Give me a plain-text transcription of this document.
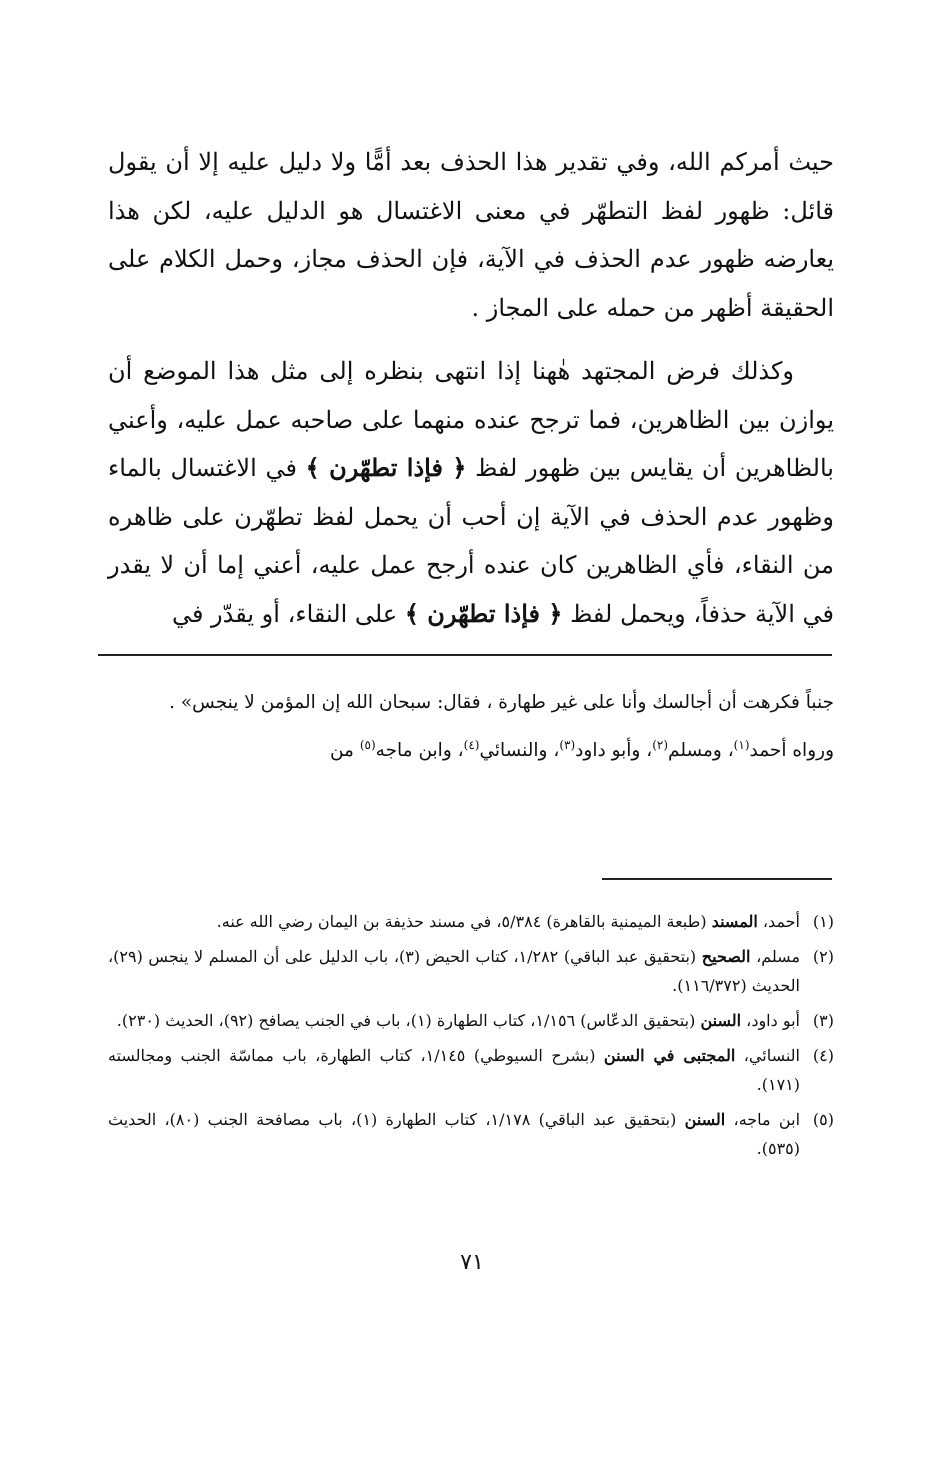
حيث أمركم الله، وفي تقدير هذا الحذف بعد أمًّا ولا دليل عليه إلا أن يقول قائل: ظهور لفظ التطهّر في معنى الاغتسال هو الدليل عليه، لكن هذا يعارضه ظهور عدم الحذف في الآية، فإن الحذف مجاز، وحمل الكلام على الحقيقة أظهر من حمله على المجاز .

وكذلك فرض المجتهد هٰهنا إذا انتهى بنظره إلى مثل هذا الموضع أن يوازن بين الظاهرين، فما ترجح عنده منهما على صاحبه عمل عليه، وأعني بالظاهرين أن يقايس بين ظهور لفظ ﴿ فإذا تطهّرن ﴾ في الاغتسال بالماء وظهور عدم الحذف في الآية إن أحب أن يحمل لفظ تطهّرن على ظاهره من النقاء، فأي الظاهرين كان عنده أرجح عمل عليه، أعني إما أن لا يقدر في الآية حذفاً، ويحمل لفظ ﴿ فإذا تطهّرن ﴾ على النقاء، أو يقدّر في

جنباً فكرهت أن أجالسك وأنا على غير طهارة ، فقال: سبحان الله إن المؤمن لا ينجس» .

ورواه أحمد$^{(١)}$، ومسلم$^{(٢)}$، وأبو داود$^{(٣)}$، والنسائي$^{(٤)}$، وابن ماجه$^{(٥)}$ من

(١)
أحمد، المسند (طبعة الميمنية بالقاهرة) ٥/٣٨٤، في مسند حذيفة بن اليمان رضي الله عنه.
(٢)
مسلم، الصحيح (بتحقيق عبد الباقي) ١/٢٨٢، كتاب الحيض (٣)، باب الدليل على أن المسلم لا ينجس (٢٩)، الحديث (١١٦/٣٧٢).
(٣)
أبو داود، السنن (بتحقيق الدعّاس) ١/١٥٦، كتاب الطهارة (١)، باب في الجنب يصافح (٩٢)، الحديث (٢٣٠).
(٤)
النسائي، المجتبى في السنن (بشرح السيوطي) ١/١٤٥، كتاب الطهارة، باب مماسّة الجنب ومجالسته (١٧١).
(٥)
ابن ماجه، السنن (بتحقيق عبد الباقي) ١/١٧٨، كتاب الطهارة (١)، باب مصافحة الجنب (٨٠)، الحديث (٥٣٥).
٧١
